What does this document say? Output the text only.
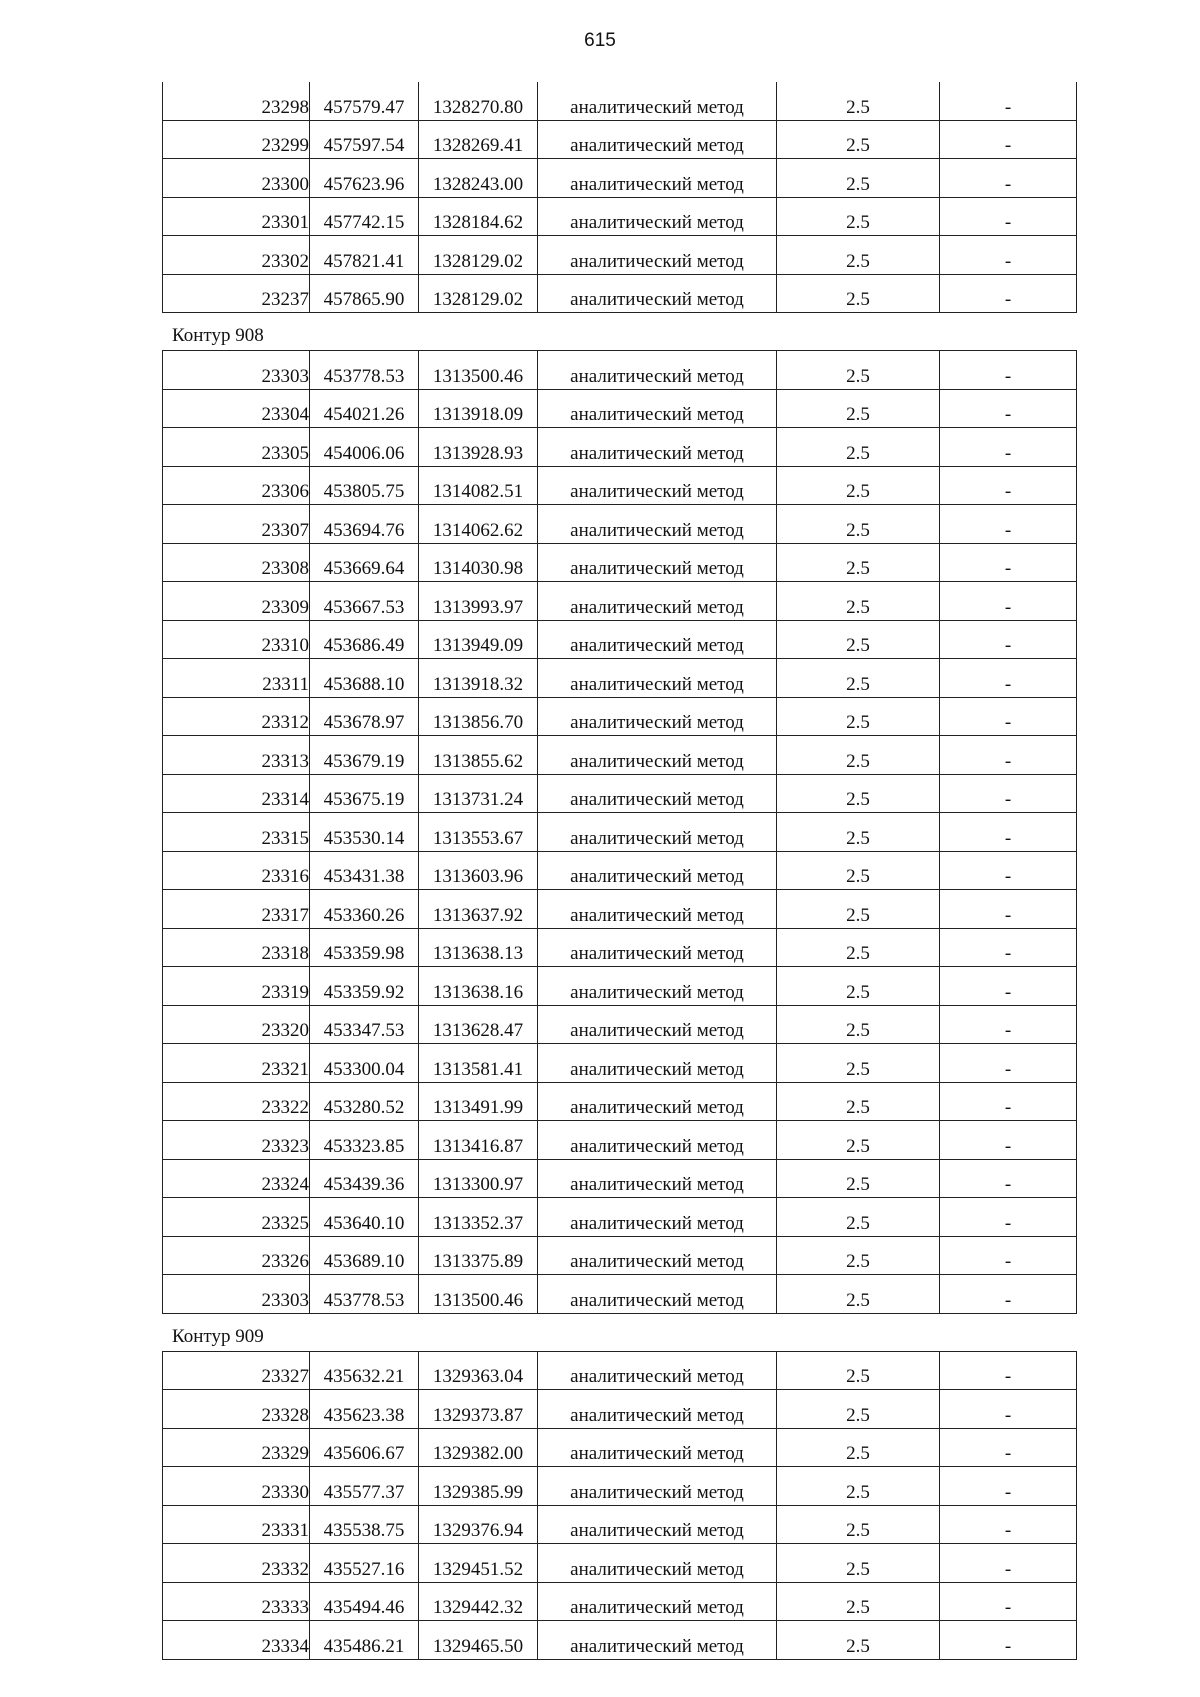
615
23298	457579.47	1328270.80	аналитический метод	2.5	-
23299	457597.54	1328269.41	аналитический метод	2.5	-
23300	457623.96	1328243.00	аналитический метод	2.5	-
23301	457742.15	1328184.62	аналитический метод	2.5	-
23302	457821.41	1328129.02	аналитический метод	2.5	-
23237	457865.90	1328129.02	аналитический метод	2.5	-
Контур 908
23303	453778.53	1313500.46	аналитический метод	2.5	-
23304	454021.26	1313918.09	аналитический метод	2.5	-
23305	454006.06	1313928.93	аналитический метод	2.5	-
23306	453805.75	1314082.51	аналитический метод	2.5	-
23307	453694.76	1314062.62	аналитический метод	2.5	-
23308	453669.64	1314030.98	аналитический метод	2.5	-
23309	453667.53	1313993.97	аналитический метод	2.5	-
23310	453686.49	1313949.09	аналитический метод	2.5	-
23311	453688.10	1313918.32	аналитический метод	2.5	-
23312	453678.97	1313856.70	аналитический метод	2.5	-
23313	453679.19	1313855.62	аналитический метод	2.5	-
23314	453675.19	1313731.24	аналитический метод	2.5	-
23315	453530.14	1313553.67	аналитический метод	2.5	-
23316	453431.38	1313603.96	аналитический метод	2.5	-
23317	453360.26	1313637.92	аналитический метод	2.5	-
23318	453359.98	1313638.13	аналитический метод	2.5	-
23319	453359.92	1313638.16	аналитический метод	2.5	-
23320	453347.53	1313628.47	аналитический метод	2.5	-
23321	453300.04	1313581.41	аналитический метод	2.5	-
23322	453280.52	1313491.99	аналитический метод	2.5	-
23323	453323.85	1313416.87	аналитический метод	2.5	-
23324	453439.36	1313300.97	аналитический метод	2.5	-
23325	453640.10	1313352.37	аналитический метод	2.5	-
23326	453689.10	1313375.89	аналитический метод	2.5	-
23303	453778.53	1313500.46	аналитический метод	2.5	-
Контур 909
23327	435632.21	1329363.04	аналитический метод	2.5	-
23328	435623.38	1329373.87	аналитический метод	2.5	-
23329	435606.67	1329382.00	аналитический метод	2.5	-
23330	435577.37	1329385.99	аналитический метод	2.5	-
23331	435538.75	1329376.94	аналитический метод	2.5	-
23332	435527.16	1329451.52	аналитический метод	2.5	-
23333	435494.46	1329442.32	аналитический метод	2.5	-
23334	435486.21	1329465.50	аналитический метод	2.5	-
